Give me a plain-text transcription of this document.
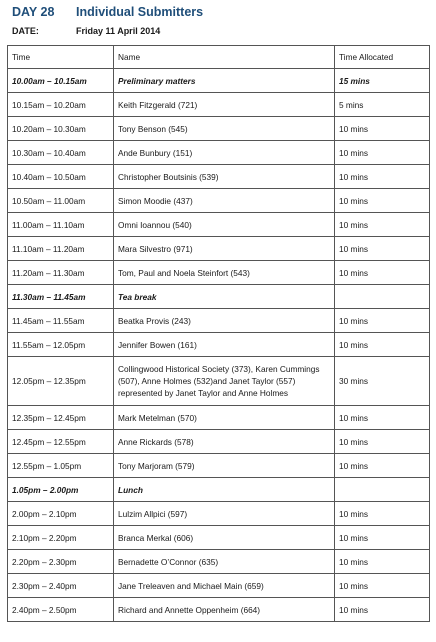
DAY 28 Individual Submitters
DATE:	Friday 11 April 2014
Time	Name	Time Allocated
10.00am – 10.15am	Preliminary matters	15 mins
10.15am – 10.20am	Keith Fitzgerald (721)	5 mins
10.20am – 10.30am	Tony Benson (545)	10 mins
10.30am – 10.40am	Ande Bunbury (151)	10 mins
10.40am – 10.50am	Christopher Boutsinis (539)	10 mins
10.50am – 11.00am	Simon Moodie (437)	10 mins
11.00am – 11.10am	Omni Ioannou (540)	10 mins
11.10am – 11.20am	Mara Silvestro (971)	10 mins
11.20am – 11.30am	Tom, Paul and Noela Steinfort (543)	10 mins
11.30am – 11.45am	Tea break	
11.45am – 11.55am	Beatka Provis (243)	10 mins
11.55am – 12.05pm	Jennifer Bowen (161)	10 mins
12.05pm – 12.35pm	Collingwood Historical Society (373), Karen Cummings (507), Anne Holmes (532)and Janet Taylor (557) represented by Janet Taylor and Anne Holmes	30 mins
12.35pm – 12.45pm	Mark Metelman (570)	10 mins
12.45pm – 12.55pm	Anne Rickards (578)	10 mins
12.55pm – 1.05pm	Tony Marjoram (579)	10 mins
1.05pm – 2.00pm	Lunch	
2.00pm – 2.10pm	Lulzim Allpici (597)	10 mins
2.10pm – 2.20pm	Branca Merkal (606)	10 mins
2.20pm – 2.30pm	Bernadette O’Connor (635)	10 mins
2.30pm – 2.40pm	Jane Treleaven and Michael Main (659)	10 mins
2.40pm – 2.50pm	Richard and Annette Oppenheim (664)	10 mins
